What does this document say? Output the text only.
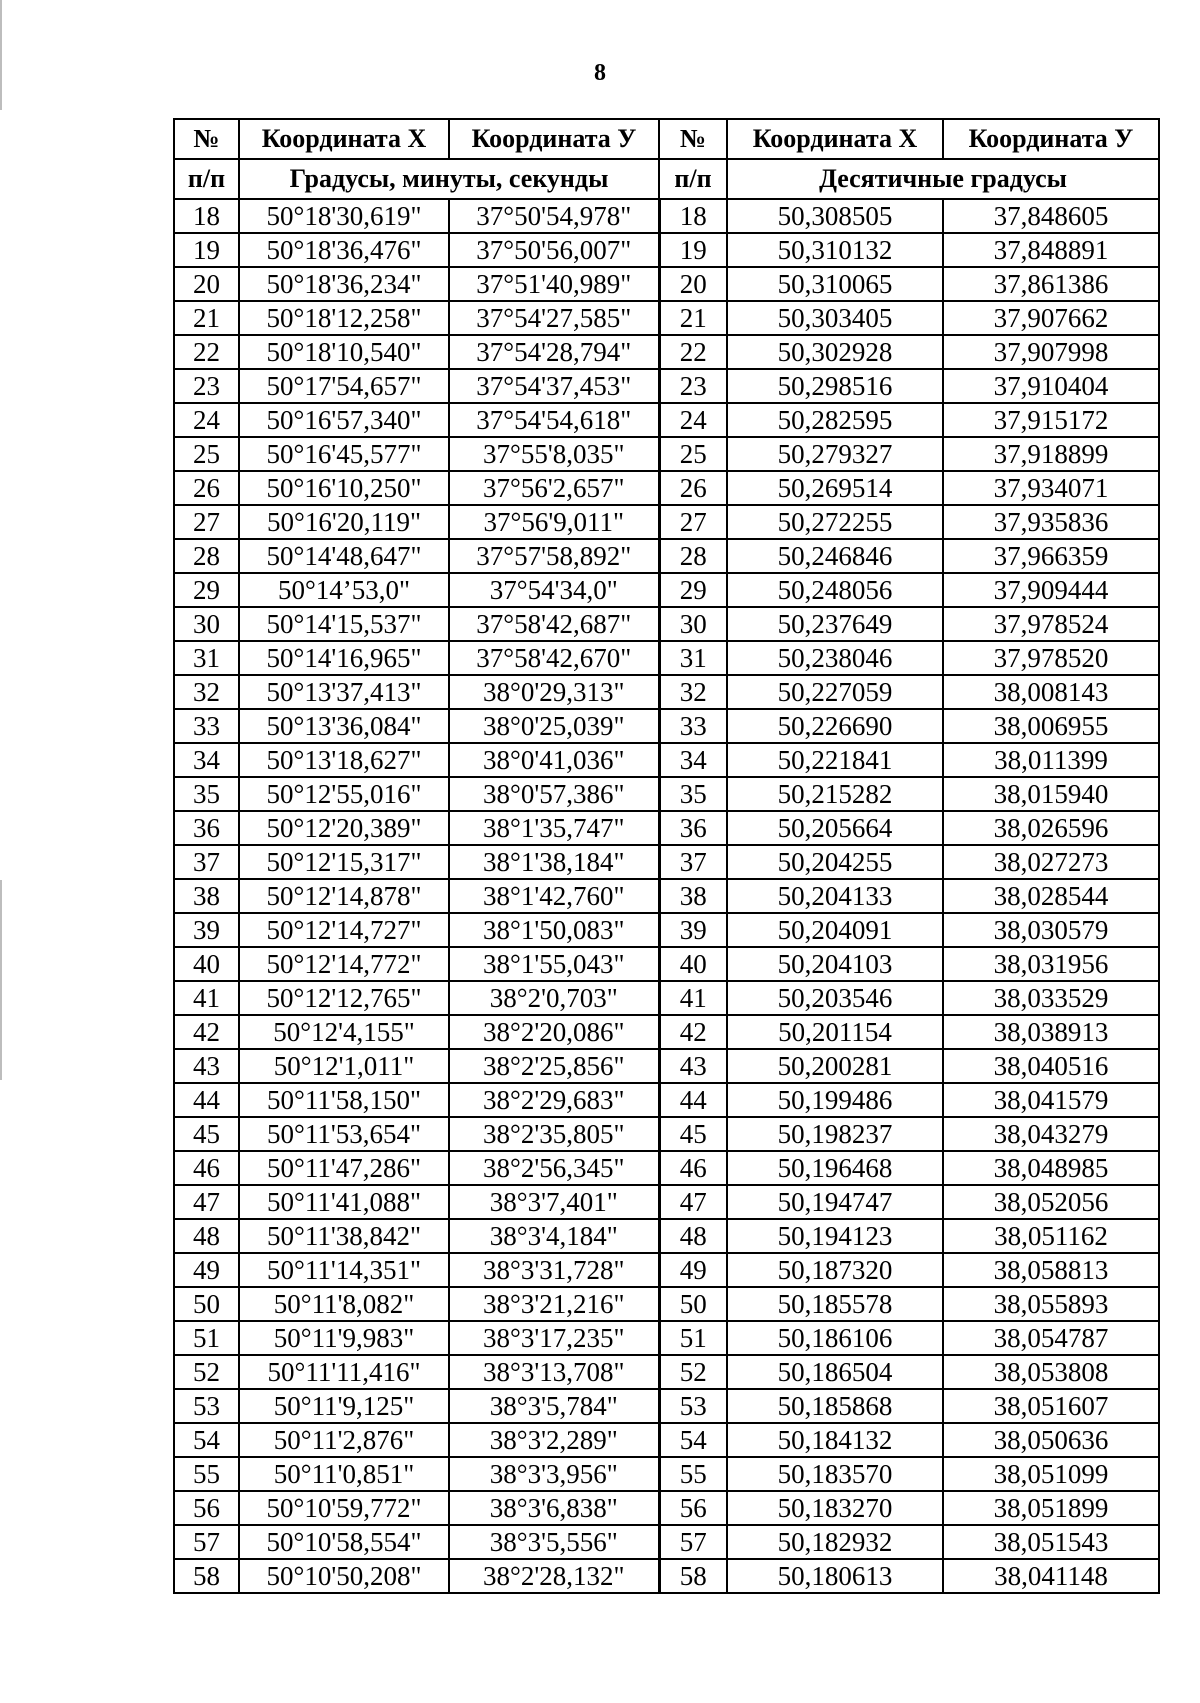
8
№	Координата X	Координата У	№	Координата X	Координата У
п/п	Градусы, минуты, секунды		п/п	Десятичные градусы	
18	50°18'30,619"	37°50'54,978"	18	50,308505	37,848605
19	50°18'36,476"	37°50'56,007"	19	50,310132	37,848891
20	50°18'36,234"	37°51'40,989"	20	50,310065	37,861386
21	50°18'12,258"	37°54'27,585"	21	50,303405	37,907662
22	50°18'10,540"	37°54'28,794"	22	50,302928	37,907998
23	50°17'54,657"	37°54'37,453"	23	50,298516	37,910404
24	50°16'57,340"	37°54'54,618"	24	50,282595	37,915172
25	50°16'45,577"	37°55'8,035"	25	50,279327	37,918899
26	50°16'10,250"	37°56'2,657"	26	50,269514	37,934071
27	50°16'20,119"	37°56'9,011"	27	50,272255	37,935836
28	50°14'48,647"	37°57'58,892"	28	50,246846	37,966359
29	50°14’53,0"	37°54'34,0"	29	50,248056	37,909444
30	50°14'15,537"	37°58'42,687"	30	50,237649	37,978524
31	50°14'16,965"	37°58'42,670"	31	50,238046	37,978520
32	50°13'37,413"	38°0'29,313"	32	50,227059	38,008143
33	50°13'36,084"	38°0'25,039"	33	50,226690	38,006955
34	50°13'18,627"	38°0'41,036"	34	50,221841	38,011399
35	50°12'55,016"	38°0'57,386"	35	50,215282	38,015940
36	50°12'20,389"	38°1'35,747"	36	50,205664	38,026596
37	50°12'15,317"	38°1'38,184"	37	50,204255	38,027273
38	50°12'14,878"	38°1'42,760"	38	50,204133	38,028544
39	50°12'14,727"	38°1'50,083"	39	50,204091	38,030579
40	50°12'14,772"	38°1'55,043"	40	50,204103	38,031956
41	50°12'12,765"	38°2'0,703"	41	50,203546	38,033529
42	50°12'4,155"	38°2'20,086"	42	50,201154	38,038913
43	50°12'1,011"	38°2'25,856"	43	50,200281	38,040516
44	50°11'58,150"	38°2'29,683"	44	50,199486	38,041579
45	50°11'53,654"	38°2'35,805"	45	50,198237	38,043279
46	50°11'47,286"	38°2'56,345"	46	50,196468	38,048985
47	50°11'41,088"	38°3'7,401"	47	50,194747	38,052056
48	50°11'38,842"	38°3'4,184"	48	50,194123	38,051162
49	50°11'14,351"	38°3'31,728"	49	50,187320	38,058813
50	50°11'8,082"	38°3'21,216"	50	50,185578	38,055893
51	50°11'9,983"	38°3'17,235"	51	50,186106	38,054787
52	50°11'11,416"	38°3'13,708"	52	50,186504	38,053808
53	50°11'9,125"	38°3'5,784"	53	50,185868	38,051607
54	50°11'2,876"	38°3'2,289"	54	50,184132	38,050636
55	50°11'0,851"	38°3'3,956"	55	50,183570	38,051099
56	50°10'59,772"	38°3'6,838"	56	50,183270	38,051899
57	50°10'58,554"	38°3'5,556"	57	50,182932	38,051543
58	50°10'50,208"	38°2'28,132"	58	50,180613	38,041148
